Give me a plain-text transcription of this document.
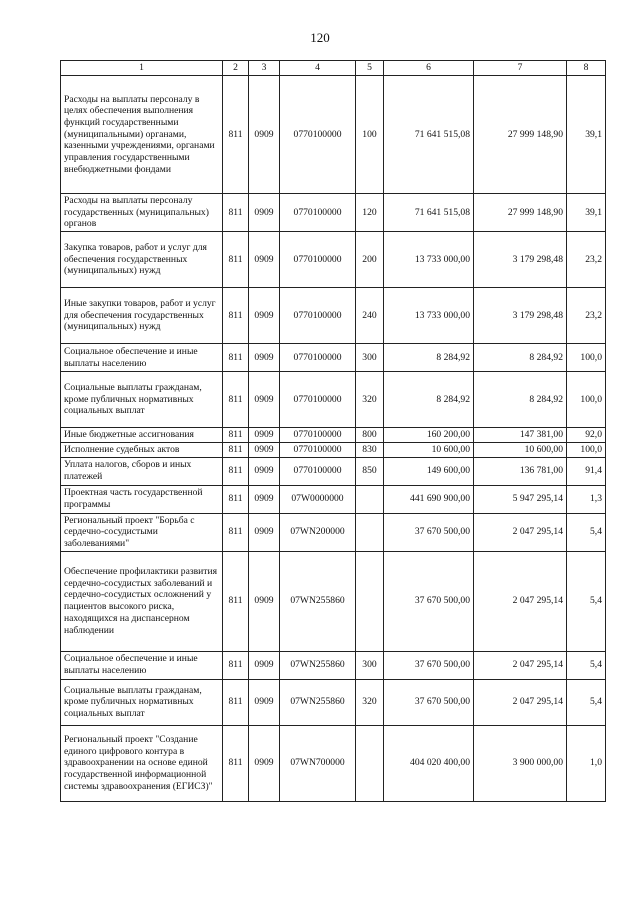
120
1	2	3	4	5	6	7	8
Расходы на выплаты персоналу в целях обеспечения выполнения функций государственными (муниципальными) органами, казенными учреждениями, органами управления государственными внебюджетными фондами	811	0909	0770100000	100	71 641 515,08	27 999 148,90	39,1
Расходы на выплаты персоналу государственных (муниципальных) органов	811	0909	0770100000	120	71 641 515,08	27 999 148,90	39,1
Закупка товаров, работ и услуг для обеспечения государственных (муниципальных) нужд	811	0909	0770100000	200	13 733 000,00	3 179 298,48	23,2
Иные закупки товаров, работ и услуг для обеспечения государственных (муниципальных) нужд	811	0909	0770100000	240	13 733 000,00	3 179 298,48	23,2
Социальное обеспечение и иные выплаты населению	811	0909	0770100000	300	8 284,92	8 284,92	100,0
Социальные выплаты гражданам, кроме публичных нормативных социальных выплат	811	0909	0770100000	320	8 284,92	8 284,92	100,0
Иные бюджетные ассигнования	811	0909	0770100000	800	160 200,00	147 381,00	92,0
Исполнение судебных актов	811	0909	0770100000	830	10 600,00	10 600,00	100,0
Уплата налогов, сборов и иных платежей	811	0909	0770100000	850	149 600,00	136 781,00	91,4
Проектная часть государственной программы	811	0909	07W0000000		441 690 900,00	5 947 295,14	1,3
Региональный проект "Борьба с сердечно-сосудистыми заболеваниями"	811	0909	07WN200000		37 670 500,00	2 047 295,14	5,4
Обеспечение профилактики развития сердечно-сосудистых заболеваний и сердечно-сосудистых осложнений у пациентов высокого риска, находящихся на диспансерном наблюдении	811	0909	07WN255860		37 670 500,00	2 047 295,14	5,4
Социальное обеспечение и иные выплаты населению	811	0909	07WN255860	300	37 670 500,00	2 047 295,14	5,4
Социальные выплаты гражданам, кроме публичных нормативных социальных выплат	811	0909	07WN255860	320	37 670 500,00	2 047 295,14	5,4
Региональный проект "Создание единого цифрового контура в здравоохранении на основе единой государственной информационной системы здравоохранения (ЕГИСЗ)"	811	0909	07WN700000		404 020 400,00	3 900 000,00	1,0
